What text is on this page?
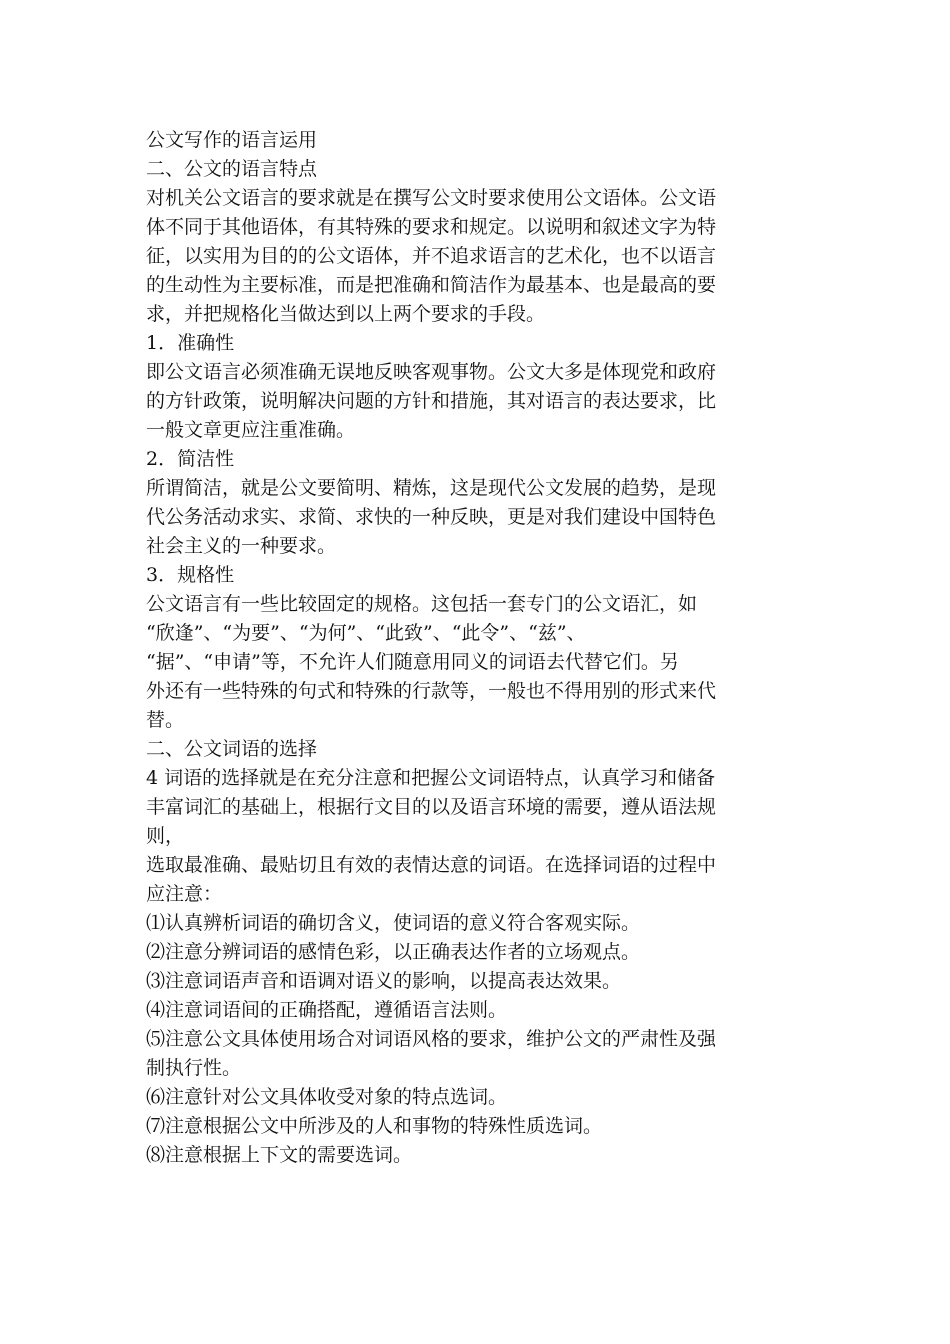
公文写作的语言运用
二、公文的语言特点
对机关公文语言的要求就是在撰写公文时要求使用公文语体。公文语
体不同于其他语体，有其特殊的要求和规定。以说明和叙述文字为特
征，以实用为目的的公文语体，并不追求语言的艺术化，也不以语言
的生动性为主要标准，而是把准确和简洁作为最基本、也是最高的要
求，并把规格化当做达到以上两个要求的手段。
1．准确性
即公文语言必须准确无误地反映客观事物。公文大多是体现党和政府
的方针政策，说明解决问题的方针和措施，其对语言的表达要求，比
一般文章更应注重准确。
2．简洁性
所谓简洁，就是公文要简明、精炼，这是现代公文发展的趋势，是现
代公务活动求实、求简、求快的一种反映，更是对我们建设中国特色
社会主义的一种要求。
3．规格性
公文语言有一些比较固定的规格。这包括一套专门的公文语汇，如
“欣逢”、“为要”、“为何”、“此致”、“此令”、“兹”、
“据”、“申请”等，不允许人们随意用同义的词语去代替它们。另
外还有一些特殊的句式和特殊的行款等，一般也不得用别的形式来代
替。
二、公文词语的选择
4 词语的选择就是在充分注意和把握公文词语特点，认真学习和储备
丰富词汇的基础上，根据行文目的以及语言环境的需要，遵从语法规
则，
选取最准确、最贴切且有效的表情达意的词语。在选择词语的过程中
应注意：
⑴认真辨析词语的确切含义，使词语的意义符合客观实际。
⑵注意分辨词语的感情色彩，以正确表达作者的立场观点。
⑶注意词语声音和语调对语义的影响，以提高表达效果。
⑷注意词语间的正确搭配，遵循语言法则。
⑸注意公文具体使用场合对词语风格的要求，维护公文的严肃性及强
制执行性。
⑹注意针对公文具体收受对象的特点选词。
⑺注意根据公文中所涉及的人和事物的特殊性质选词。
⑻注意根据上下文的需要选词。
